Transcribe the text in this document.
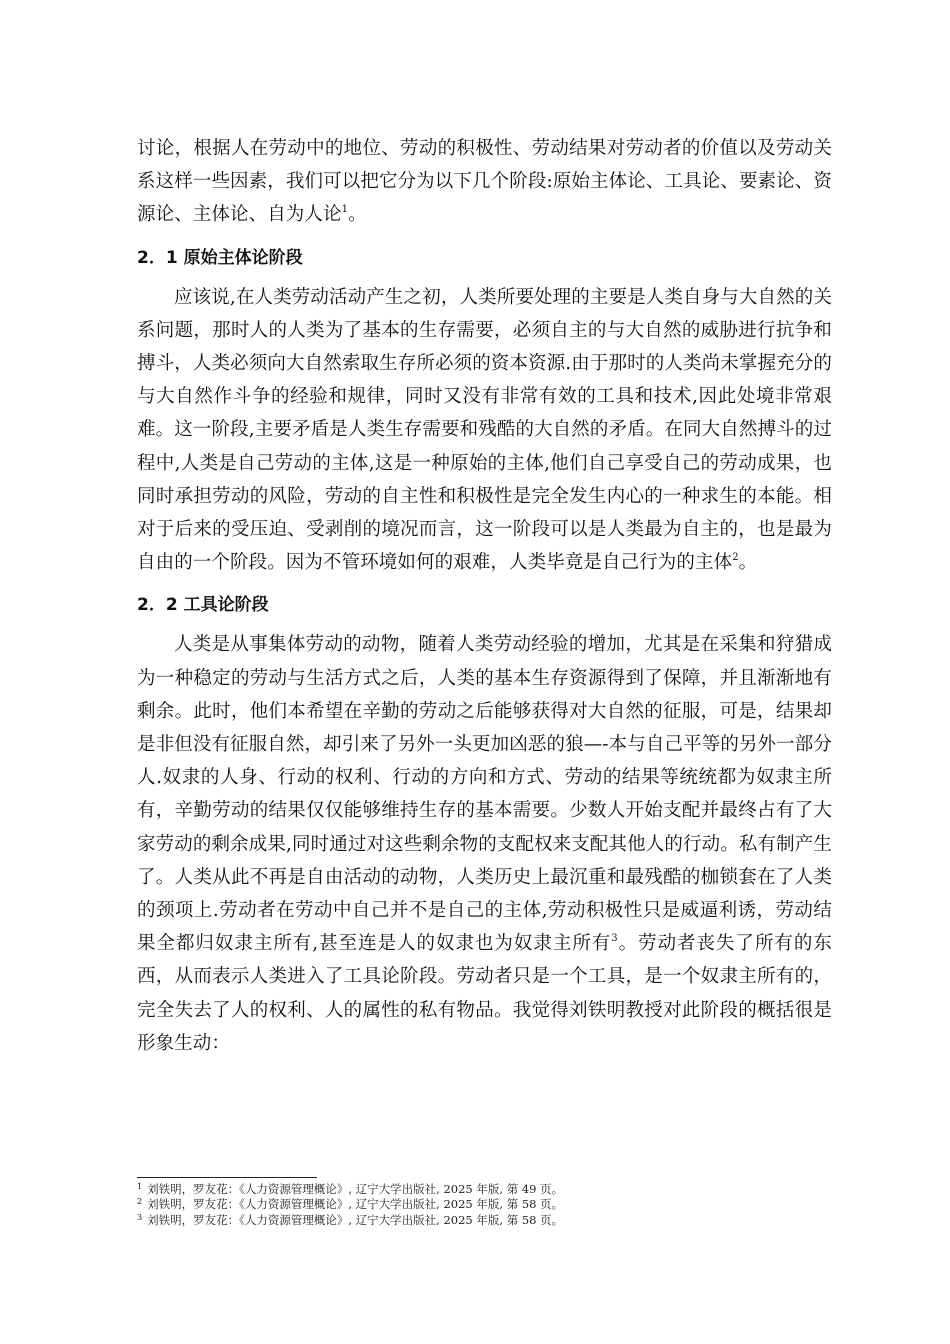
讨论，根据人在劳动中的地位、劳动的积极性、劳动结果对劳动者的价值以及劳动关系这样一些因素，我们可以把它分为以下几个阶段:原始主体论、工具论、要素论、资源论、主体论、自为人论$^1$。

2．1 原始主体论阶段

应该说,在人类劳动活动产生之初，人类所要处理的主要是人类自身与大自然的关系问题，那时人的人类为了基本的生存需要，必须自主的与大自然的威胁进行抗争和搏斗，人类必须向大自然索取生存所必须的资本资源.由于那时的人类尚未掌握充分的与大自然作斗争的经验和规律，同时又没有非常有效的工具和技术,因此处境非常艰难。这一阶段,主要矛盾是人类生存需要和残酷的大自然的矛盾。在同大自然搏斗的过程中,人类是自己劳动的主体,这是一种原始的主体,他们自己享受自己的劳动成果，也同时承担劳动的风险，劳动的自主性和积极性是完全发生内心的一种求生的本能。相对于后来的受压迫、受剥削的境况而言，这一阶段可以是人类最为自主的，也是最为自由的一个阶段。因为不管环境如何的艰难，人类毕竟是自己行为的主体$^2$。

2．2 工具论阶段

人类是从事集体劳动的动物，随着人类劳动经验的增加，尤其是在采集和狩猎成为一种稳定的劳动与生活方式之后，人类的基本生存资源得到了保障，并且渐渐地有剩余。此时，他们本希望在辛勤的劳动之后能够获得对大自然的征服，可是，结果却是非但没有征服自然，却引来了另外一头更加凶恶的狼—-本与自己平等的另外一部分人.奴隶的人身、行动的权利、行动的方向和方式、劳动的结果等统统都为奴隶主所有，辛勤劳动的结果仅仅能够维持生存的基本需要。少数人开始支配并最终占有了大家劳动的剩余成果,同时通过对这些剩余物的支配权来支配其他人的行动。私有制产生了。人类从此不再是自由活动的动物，人类历史上最沉重和最残酷的枷锁套在了人类的颈项上.劳动者在劳动中自己并不是自己的主体,劳动积极性只是威逼利诱，劳动结果全都归奴隶主所有,甚至连是人的奴隶也为奴隶主所有$^3$。劳动者丧失了所有的东西，从而表示人类进入了工具论阶段。劳动者只是一个工具，是一个奴隶主所有的，完全失去了人的权利、人的属性的私有物品。我觉得刘铁明教授对此阶段的概括很是形象生动：

$^1$ 刘铁明，罗友花：《人力资源管理概论》, 辽宁大学出版社, 2025 年版, 第 49 页。
$^2$ 刘铁明，罗友花：《人力资源管理概论》, 辽宁大学出版社, 2025 年版, 第 58 页。
$^3$ 刘铁明，罗友花：《人力资源管理概论》, 辽宁大学出版社, 2025 年版, 第 58 页。
